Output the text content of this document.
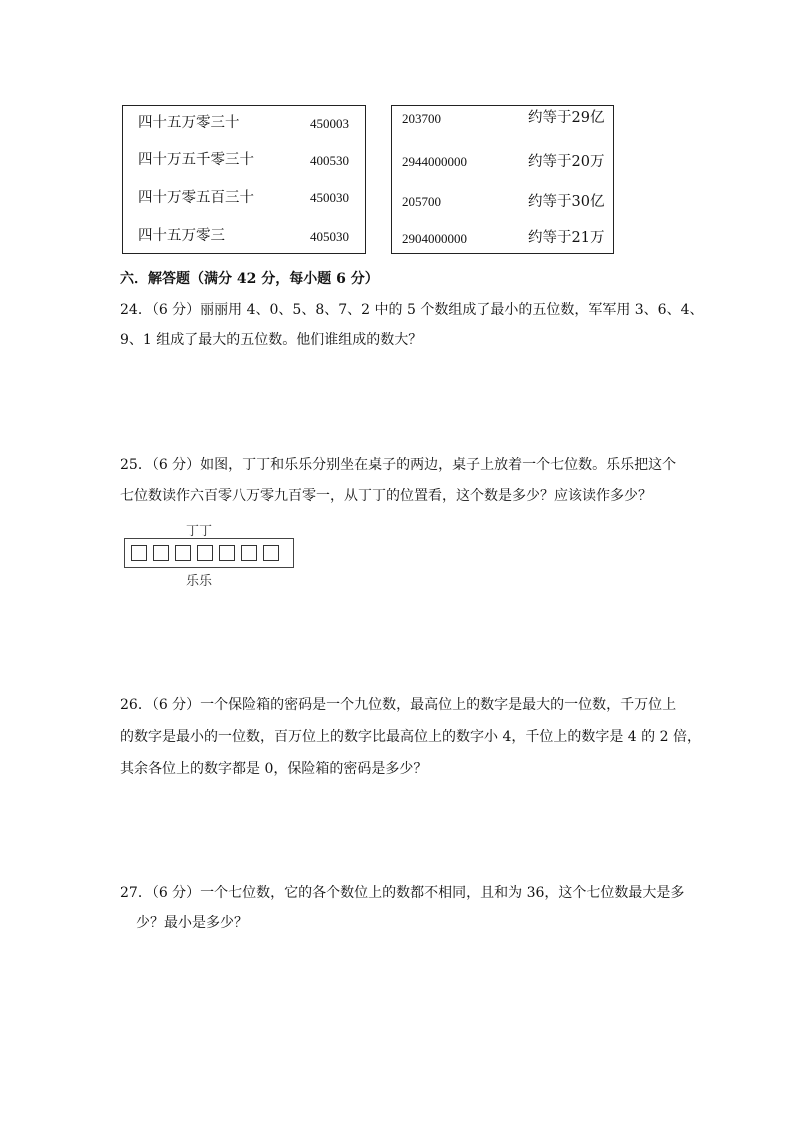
四十五万零三十	450003
四十万五千零三十	400530
四十万零五百三十	450030
四十五万零三	405030
203700	约等于29亿
2944000000	约等于20万
205700	约等于30亿
2904000000	约等于21万
六．解答题（满分 42 分，每小题 6 分）
24．（6 分）丽丽用 4、0、5、8、7、2 中的 5 个数组成了最小的五位数，军军用 3、6、4、
9、1 组成了最大的五位数。他们谁组成的数大？
25．（6 分）如图，丁丁和乐乐分别坐在桌子的两边，桌子上放着一个七位数。乐乐把这个
七位数读作六百零八万零九百零一，从丁丁的位置看，这个数是多少？应该读作多少？
丁丁
乐乐
26．（6 分）一个保险箱的密码是一个九位数，最高位上的数字是最大的一位数，千万位上
的数字是最小的一位数，百万位上的数字比最高位上的数字小 4，千位上的数字是 4 的 2 倍，
其余各位上的数字都是 0，保险箱的密码是多少？
27．（6 分）一个七位数，它的各个数位上的数都不相同，且和为 36，这个七位数最大是多
少？最小是多少？
